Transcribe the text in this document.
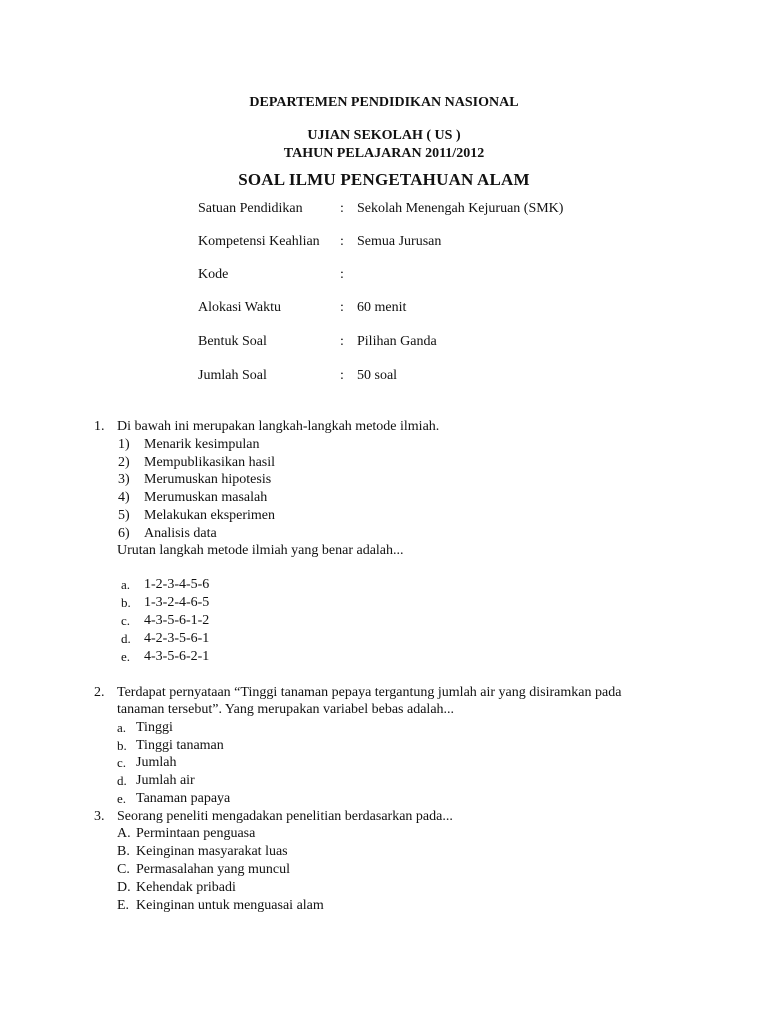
DEPARTEMEN PENDIDIKAN NASIONAL
UJIAN SEKOLAH ( US )
TAHUN PELAJARAN 2011/2012
SOAL ILMU PENGETAHUAN ALAM
Satuan Pendidikan	: Sekolah Menengah Kejuruan (SMK)
Kompetensi Keahlian : Semua Jurusan
Kode	:
Alokasi Waktu	: 60 menit
Bentuk Soal	: Pilihan Ganda
Jumlah Soal	: 50 soal
1. Di bawah ini merupakan langkah-langkah metode ilmiah.
1) Menarik kesimpulan
2) Mempublikasikan hasil
3) Merumuskan hipotesis
4) Merumuskan masalah
5) Melakukan eksperimen
6) Analisis data
Urutan langkah metode ilmiah yang benar adalah...
a. 1-2-3-4-5-6
b. 1-3-2-4-6-5
c. 4-3-5-6-1-2
d. 4-2-3-5-6-1
e. 4-3-5-6-2-1
2. Terdapat pernyataan “Tinggi tanaman pepaya tergantung jumlah air yang disiramkan pada
tanaman tersebut”. Yang merupakan variabel bebas adalah...
a. Tinggi
b. Tinggi tanaman
c. Jumlah
d. Jumlah air
e. Tanaman papaya
3. Seorang peneliti mengadakan penelitian berdasarkan pada...
A. Permintaan penguasa
B. Keinginan masyarakat luas
C. Permasalahan yang muncul
D. Kehendak pribadi
E. Keinginan untuk menguasai alam
